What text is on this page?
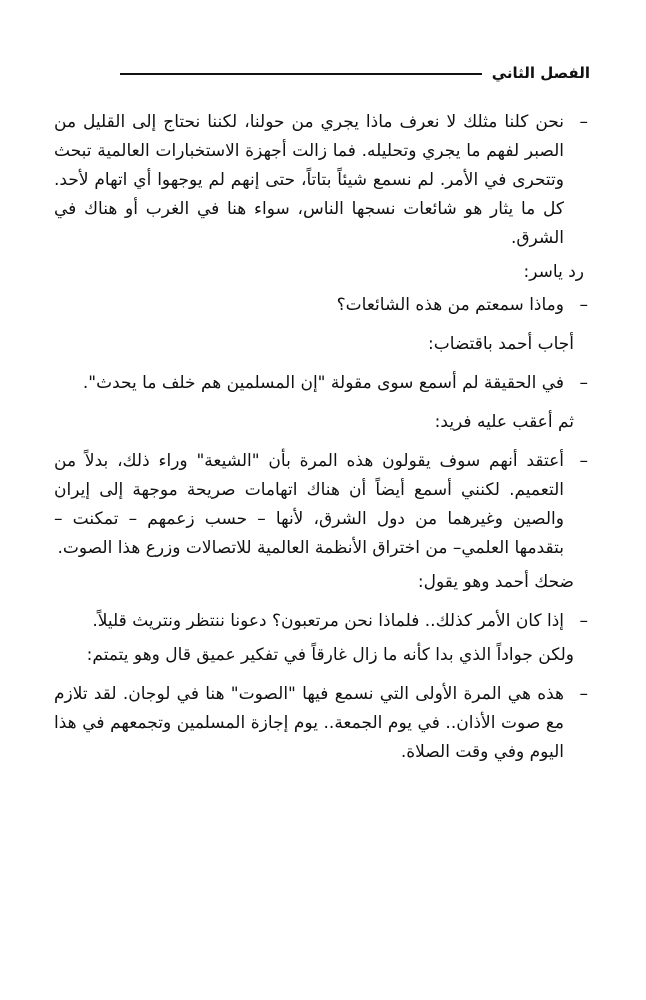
الفصل الثاني

–
نحن كلنا مثلك لا نعرف ماذا يجري من حولنا، لكننا نحتاج إلى القليل من الصبر لفهم ما يجري وتحليله. فما زالت أجهزة الاستخبارات العالمية تبحث وتتحرى في الأمر. لم نسمع شيئاً بتاتاً، حتى إنهم لم يوجهوا أي اتهام لأحد. كل ما يثار هو شائعات نسجها الناس، سواء هنا في الغرب أو هناك في الشرق.

رد ياسر:

–
وماذا سمعتم من هذه الشائعات؟

أجاب أحمد باقتضاب:

–
في الحقيقة لم أسمع سوى مقولة "إن المسلمين هم خلف ما يحدث".

ثم أعقب عليه فريد:

–
أعتقد أنهم سوف يقولون هذه المرة بأن "الشيعة" وراء ذلك، بدلاً من التعميم. لكنني أسمع أيضاً أن هناك اتهامات صريحة موجهة إلى إيران والصين وغيرهما من دول الشرق، لأنها – حسب زعمهم – تمكنت – بتقدمها العلمي– من اختراق الأنظمة العالمية للاتصالات وزرع هذا الصوت.

ضحك أحمد وهو يقول:

–
إذا كان الأمر كذلك.. فلماذا نحن مرتعبون؟ دعونا ننتظر ونتريث قليلاً.

ولكن جواداً الذي بدا كأنه ما زال غارقاً في تفكير عميق قال وهو يتمتم:

–
هذه هي المرة الأولى التي نسمع فيها "الصوت" هنا في لوجان. لقد تلازم مع صوت الأذان.. في يوم الجمعة.. يوم إجازة المسلمين وتجمعهم في هذا اليوم وفي وقت الصلاة.
